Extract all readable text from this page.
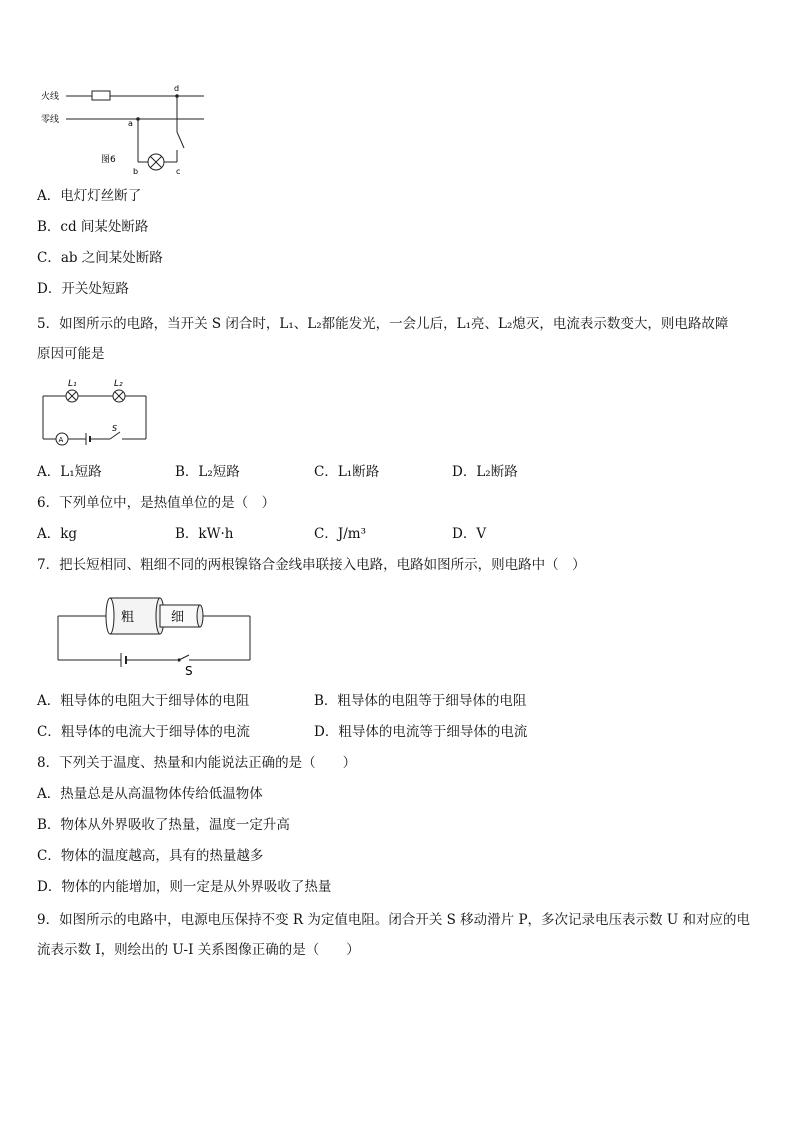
火线
零线
d
a
b	c
图6
A．电灯灯丝断了
B．cd 间某处断路
C．ab 之间某处断路
D．开关处短路
5．如图所示的电路，当开关 S 闭合时，L₁、L₂都能发光，一会儿后，L₁亮、L₂熄灭，电流表示数变大，则电路故障
原因可能是
L₁	L₂
A
S
A．L₁短路	B．L₂短路	C．L₁断路	D．L₂断路
6．下列单位中，是热值单位的是（　）
A．kg	B．kW·h	C．J/m³	D．V
7．把长短相同、粗细不同的两根镍铬合金线串联接入电路，电路如图所示，则电路中（　）
粗	细
S
A．粗导体的电阻大于细导体的电阻	B．粗导体的电阻等于细导体的电阻
C．粗导体的电流大于细导体的电流	D．粗导体的电流等于细导体的电流
8．下列关于温度、热量和内能说法正确的是（　　）
A．热量总是从高温物体传给低温物体
B．物体从外界吸收了热量，温度一定升高
C．物体的温度越高，具有的热量越多
D．物体的内能增加，则一定是从外界吸收了热量
9．如图所示的电路中，电源电压保持不变 R 为定值电阻。闭合开关 S 移动滑片 P，多次记录电压表示数 U 和对应的电
流表示数 I，则绘出的 U-I 关系图像正确的是（　　）
